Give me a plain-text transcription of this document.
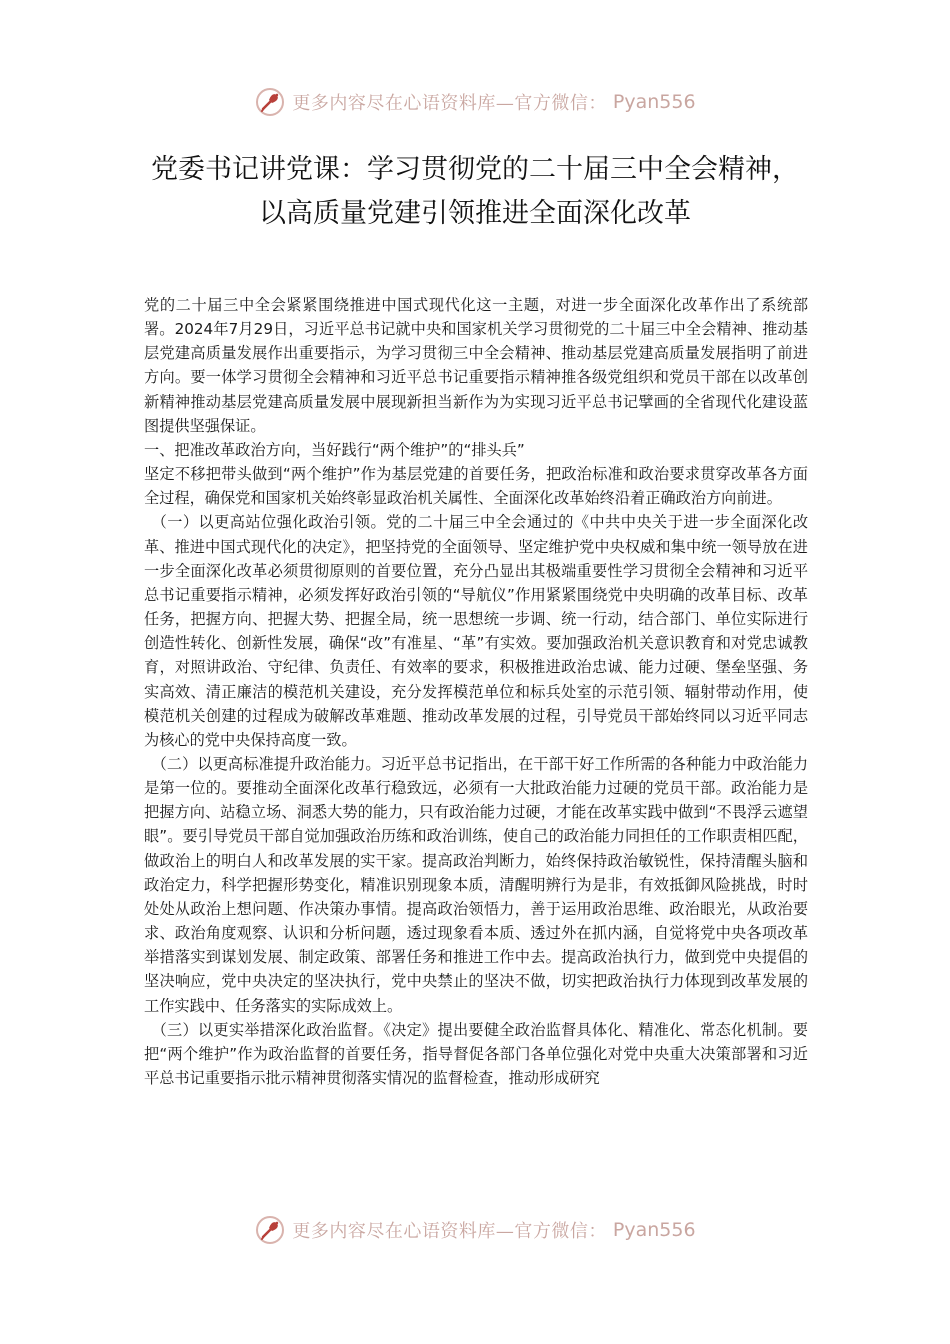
更多内容尽在心语资料库—官方微信： Pyan556
党委书记讲党课：学习贯彻党的二十届三中全会精神，
以高质量党建引领推进全面深化改革

党的二十届三中全会紧紧围绕推进中国式现代化这一主题，对进一步全面深化改革作出了系统部署。2024年7月29日，习近平总书记就中央和国家机关学习贯彻党的二十届三中全会精神、推动基层党建高质量发展作出重要指示，为学习贯彻三中全会精神、推动基层党建高质量发展指明了前进方向。要一体学习贯彻全会精神和习近平总书记重要指示精神推各级党组织和党员干部在以改革创新精神推动基层党建高质量发展中展现新担当新作为为实现习近平总书记擘画的全省现代化建设蓝图提供坚强保证。

一、把准改革政治方向，当好践行“两个维护”的“排头兵”

坚定不移把带头做到“两个维护”作为基层党建的首要任务，把政治标准和政治要求贯穿改革各方面全过程，确保党和国家机关始终彰显政治机关属性、全面深化改革始终沿着正确政治方向前进。

（一）以更高站位强化政治引领。党的二十届三中全会通过的《中共中央关于进一步全面深化改革、推进中国式现代化的决定》，把坚持党的全面领导、坚定维护党中央权威和集中统一领导放在进一步全面深化改革必须贯彻原则的首要位置，充分凸显出其极端重要性学习贯彻全会精神和习近平总书记重要指示精神，必须发挥好政治引领的“导航仪”作用紧紧围绕党中央明确的改革目标、改革任务，把握方向、把握大势、把握全局，统一思想统一步调、统一行动，结合部门、单位实际进行创造性转化、创新性发展，确保“改”有准星、“革”有实效。要加强政治机关意识教育和对党忠诚教育，对照讲政治、守纪律、负责任、有效率的要求，积极推进政治忠诚、能力过硬、堡垒坚强、务实高效、清正廉洁的模范机关建设，充分发挥模范单位和标兵处室的示范引领、辐射带动作用，使模范机关创建的过程成为破解改革难题、推动改革发展的过程，引导党员干部始终同以习近平同志为核心的党中央保持高度一致。

（二）以更高标准提升政治能力。习近平总书记指出，在干部干好工作所需的各种能力中政治能力是第一位的。要推动全面深化改革行稳致远，必须有一大批政治能力过硬的党员干部。政治能力是把握方向、站稳立场、洞悉大势的能力，只有政治能力过硬，才能在改革实践中做到“不畏浮云遮望眼”。要引导党员干部自觉加强政治历练和政治训练，使自己的政治能力同担任的工作职责相匹配，做政治上的明白人和改革发展的实干家。提高政治判断力，始终保持政治敏锐性，保持清醒头脑和政治定力，科学把握形势变化，精准识别现象本质，清醒明辨行为是非，有效抵御风险挑战，时时处处从政治上想问题、作决策办事情。提高政治领悟力，善于运用政治思维、政治眼光，从政治要求、政治角度观察、认识和分析问题，透过现象看本质、透过外在抓内涵，自觉将党中央各项改革举措落实到谋划发展、制定政策、部署任务和推进工作中去。提高政治执行力，做到党中央提倡的坚决响应，党中央决定的坚决执行，党中央禁止的坚决不做，切实把政治执行力体现到改革发展的工作实践中、任务落实的实际成效上。

（三）以更实举措深化政治监督。《决定》提出要健全政治监督具体化、精准化、常态化机制。要把“两个维护”作为政治监督的首要任务，指导督促各部门各单位强化对党中央重大决策部署和习近平总书记重要指示批示精神贯彻落实情况的监督检查，推动形成研究

更多内容尽在心语资料库—官方微信： Pyan556
